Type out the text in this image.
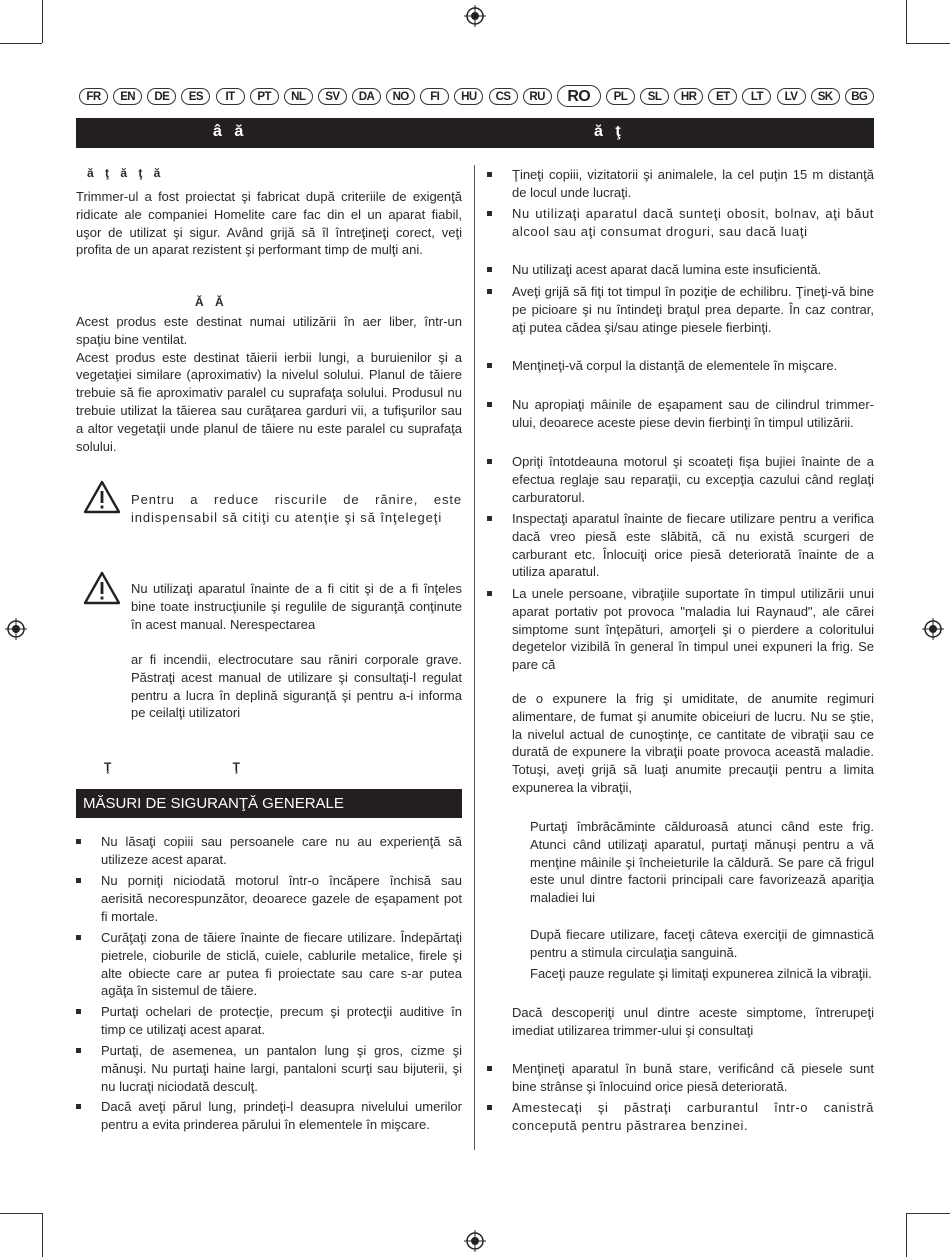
FR	EN	DE	ES	IT	PT	NL	SV	DA	NO	FI	HU	CS	RU	RO	PL	SL	HR	ET	LT	LV	SK	BG
â ă	ă ţ
ă ţ ă ţ ă

Trimmer-ul a fost proiectat şi fabricat după criteriile de exigenţă ridicate ale companiei Homelite care fac din el un aparat fiabil, uşor de utilizat şi sigur. Având grijă să îl întreţineţi corect, veţi profita de un aparat rezistent şi performant timp de mulţi ani.

Ă Ă

Acest produs este destinat numai utilizării în aer liber, într-un spaţiu bine ventilat.

Acest produs este destinat tăierii ierbii lungi, a buruienilor şi a vegetaţiei similare (aproximativ) la nivelul solului. Planul de tăiere trebuie să fie aproximativ paralel cu suprafaţa solului. Produsul nu trebuie utilizat la tăierea sau curăţarea garduri vii, a tufişurilor sau a altor vegetaţii unde planul de tăiere nu este paralel cu suprafaţa solului.

Pentru a reduce riscurile de rănire, este indispensabil să citiţi cu atenţie şi să înţelegeţi

Nu utilizaţi aparatul înainte de a fi citit şi de a fi înţeles bine toate instrucţiunile şi regulile de siguranţă conţinute în acest manual. Nerespectarea

ar fi incendii, electrocutare sau răniri corporale grave. Păstraţi acest manual de utilizare şi consultaţi-l regulat pentru a lucra în deplină siguranţă şi pentru a-i informa pe ceilalţi utilizatori

Ţ Ţ
MĂSURI DE SIGURANŢĂ GENERALE

Nu lăsaţi copiii sau persoanele care nu au experienţă să utilizeze acest aparat.

Nu porniţi niciodată motorul într-o încăpere închisă sau aerisită necorespunzător, deoarece gazele de eşapament pot fi mortale.

Curăţaţi zona de tăiere înainte de fiecare utilizare. Îndepărtaţi pietrele, cioburile de sticlă, cuiele, cablurile metalice, firele şi alte obiecte care ar putea fi proiectate sau care s-ar putea agăţa în sistemul de tăiere.

Purtaţi ochelari de protecţie, precum şi protecţii auditive în timp ce utilizaţi acest aparat.

Purtaţi, de asemenea, un pantalon lung şi gros, cizme şi mănuşi. Nu purtaţi haine largi, pantaloni scurţi sau bijuterii, şi nu lucraţi niciodată desculţ.

Dacă aveţi părul lung, prindeţi-l deasupra nivelului umerilor pentru a evita prinderea părului în elementele în mişcare.

Ţineţi copiii, vizitatorii şi animalele, la cel puţin 15 m distanţă de locul unde lucraţi.

Nu utilizaţi aparatul dacă sunteţi obosit, bolnav, aţi băut alcool sau aţi consumat droguri, sau dacă luaţi

Nu utilizaţi acest aparat dacă lumina este insuficientă.

Aveţi grijă să fiţi tot timpul în poziţie de echilibru. Ţineţi-vă bine pe picioare şi nu întindeţi braţul prea departe. În caz contrar, aţi putea cădea şi/sau atinge piesele fierbinţi.

Menţineţi-vă corpul la distanţă de elementele în mişcare.

Nu apropiaţi mâinile de eşapament sau de cilindrul trimmer-ului, deoarece aceste piese devin fierbinţi în timpul utilizării.

Opriţi întotdeauna motorul şi scoateţi fişa bujiei înainte de a efectua reglaje sau reparaţii, cu excepţia cazului când reglaţi carburatorul.

Inspectaţi aparatul înainte de fiecare utilizare pentru a verifica dacă vreo piesă este slăbită, că nu există scurgeri de carburant etc. Înlocuiţi orice piesă deteriorată înainte de a utiliza aparatul.

La unele persoane, vibraţiile suportate în timpul utilizării unui aparat portativ pot provoca "maladia lui Raynaud", ale cărei simptome sunt înţepături, amorţeli şi o pierdere a coloritului degetelor vizibilă în general în timpul unei expuneri la frig. Se pare că

de o expunere la frig şi umiditate, de anumite regimuri alimentare, de fumat şi anumite obiceiuri de lucru. Nu se ştie, la nivelul actual de cunoştinţe, ce cantitate de vibraţii sau ce durată de expunere la vibraţii poate provoca această maladie. Totuşi, aveţi grijă să luaţi anumite precauţii pentru a limita expunerea la vibraţii,

Purtaţi îmbrăcăminte călduroasă atunci când este frig. Atunci când utilizaţi aparatul, purtaţi mănuşi pentru a vă menţine mâinile şi încheieturile la căldură. Se pare că frigul este unul dintre factorii principali care favorizează apariţia maladiei lui

După fiecare utilizare, faceţi câteva exerciţii de gimnastică pentru a stimula circulaţia sanguină.

Faceţi pauze regulate şi limitaţi expunerea zilnică la vibraţii.

Dacă descoperiţi unul dintre aceste simptome, întrerupeţi imediat utilizarea trimmer-ului şi consultaţi

Menţineţi aparatul în bună stare, verificând că piesele sunt bine strânse şi înlocuind orice piesă deteriorată.

Amestecaţi şi păstraţi carburantul într-o canistră concepută pentru păstrarea benzinei.
